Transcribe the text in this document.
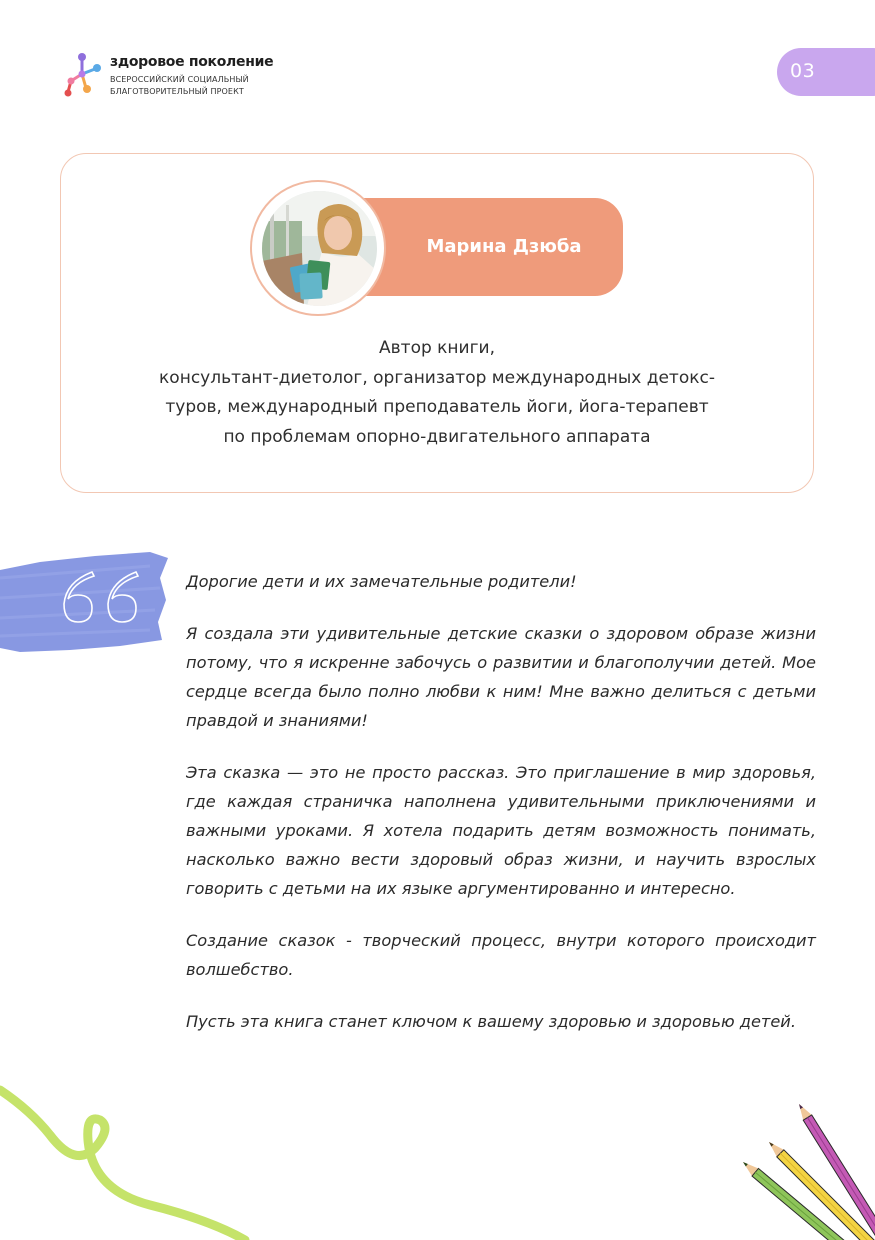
здоровое поколение
ВСЕРОССИЙСКИЙ СОЦИАЛЬНЫЙ
БЛАГОТВОРИТЕЛЬНЫЙ ПРОЕКТ
03
Марина Дзюба
Автор книги,
консультант-диетолог, организатор международных детокс-
туров, международный преподаватель йоги, йога-терапевт
по проблемам опорно-двигательного аппарата

Дорогие дети и их замечательные родители!

Я создала эти удивительные детские сказки о здоровом образе жизни потому, что я искренне забочусь о развитии и благополучии детей. Мое сердце всегда было полно любви к ним! Мне важно делиться с детьми правдой и знаниями!

Эта сказка — это не просто рассказ. Это приглашение в мир здоровья, где каждая страничка наполнена удивительными приключениями и важными уроками. Я хотела подарить детям возможность понимать, насколько важно вести здоровый образ жизни, и научить взрослых говорить с детьми на их языке аргументированно и интересно.

Создание сказок - творческий процесс, внутри которого происходит волшебство.

Пусть эта книга станет ключом к вашему здоровью и здоровью детей.
